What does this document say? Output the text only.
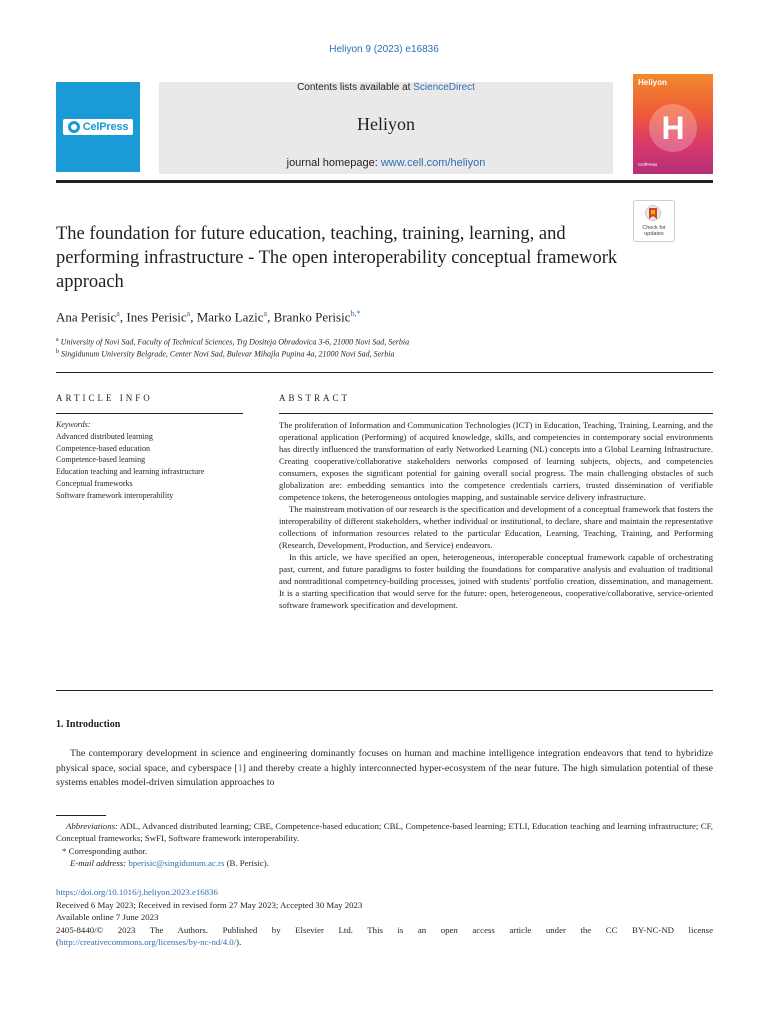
Heliyon 9 (2023) e16836
CelPress
Contents lists available at ScienceDirect
Heliyon
journal homepage: www.cell.com/heliyon
Heliyon
H
CellPress
The foundation for future education, teaching, training, learning, and performing infrastructure - The open interoperability conceptual framework approach
Check for updates
Ana Perisic$^a$, Ines Perisic$^a$, Marko Lazic$^a$, Branko Perisic$^{b,*}$
$^a$ University of Novi Sad, Faculty of Technical Sciences, Trg Dositeja Obradovica 3-6, 21000 Novi Sad, Serbia
$^b$ Singidunum University Belgrade, Center Novi Sad, Bulevar Mihajla Pupina 4a, 21000 Novi Sad, Serbia
ARTICLE INFO	ABSTRACT
Keywords:
Advanced distributed learning
Competence-based education
Competence-based learning
Education teaching and learning infrastructure
Conceptual frameworks
Software framework interoperability

The proliferation of Information and Communication Technologies (ICT) in Education, Teaching, Training, Learning, and the operational application (Performing) of acquired knowledge, skills, and competencies in contemporary social environments has directly influenced the transformation of early Networked Learning (NL) concepts into a Global Learning Infrastructure. Creating cooperative/collaborative stakeholders networks composed of learning subjects, objects, and competencies consumers, exposes the significant potential for gaining overall social progress. The main challenging obstacles of such globalization are: embedding semantics into the competence credentials carriers, trusted dissemination of verifiable competence tokens, the heterogeneous ontologies mapping, and sustainable service delivery infrastructure.

The mainstream motivation of our research is the specification and development of a conceptual framework that fosters the interoperability of different stakeholders, whether individual or institutional, to declare, share and maintain the representative collections of information resources related to the particular Education, Learning, Teaching, Training, and Performing (Research, Development, Production, and Service) endeavors.

In this article, we have specified an open, heterogeneous, interoperable conceptual framework capable of orchestrating past, current, and future paradigms to foster building the foundations for comparative analysis and evaluation of traditional and nontraditional competency-building processes, joined with students' portfolio creation, dissemination, and management. It is a starting specification that would serve for the future: open, heterogeneous, cooperative/collaborative, service-oriented software framework specification and development.

1. Introduction
The contemporary development in science and engineering dominantly focuses on human and machine intelligence integration endeavors that tend to hybridize physical space, social space, and cyberspace [1] and thereby create a highly interconnected hyper-ecosystem of the near future. The high simulation potential of these systems enables model-driven simulation approaches to
Abbreviations: ADL, Advanced distributed learning; CBE, Competence-based education; CBL, Competence-based learning; ETLI, Education teaching and learning infrastructure; CF, Conceptual frameworks; SwFI, Software framework interoperability.
* Corresponding author.
E-mail address: bperisic@singidunum.ac.rs (B. Perisic).
https://doi.org/10.1016/j.heliyon.2023.e16836
Received 6 May 2023; Received in revised form 27 May 2023; Accepted 30 May 2023
Available online 7 June 2023
2405-8440/© 2023 The Authors. Published by Elsevier Ltd. This is an open access article under the CC BY-NC-ND license
(http://creativecommons.org/licenses/by-nc-nd/4.0/).
